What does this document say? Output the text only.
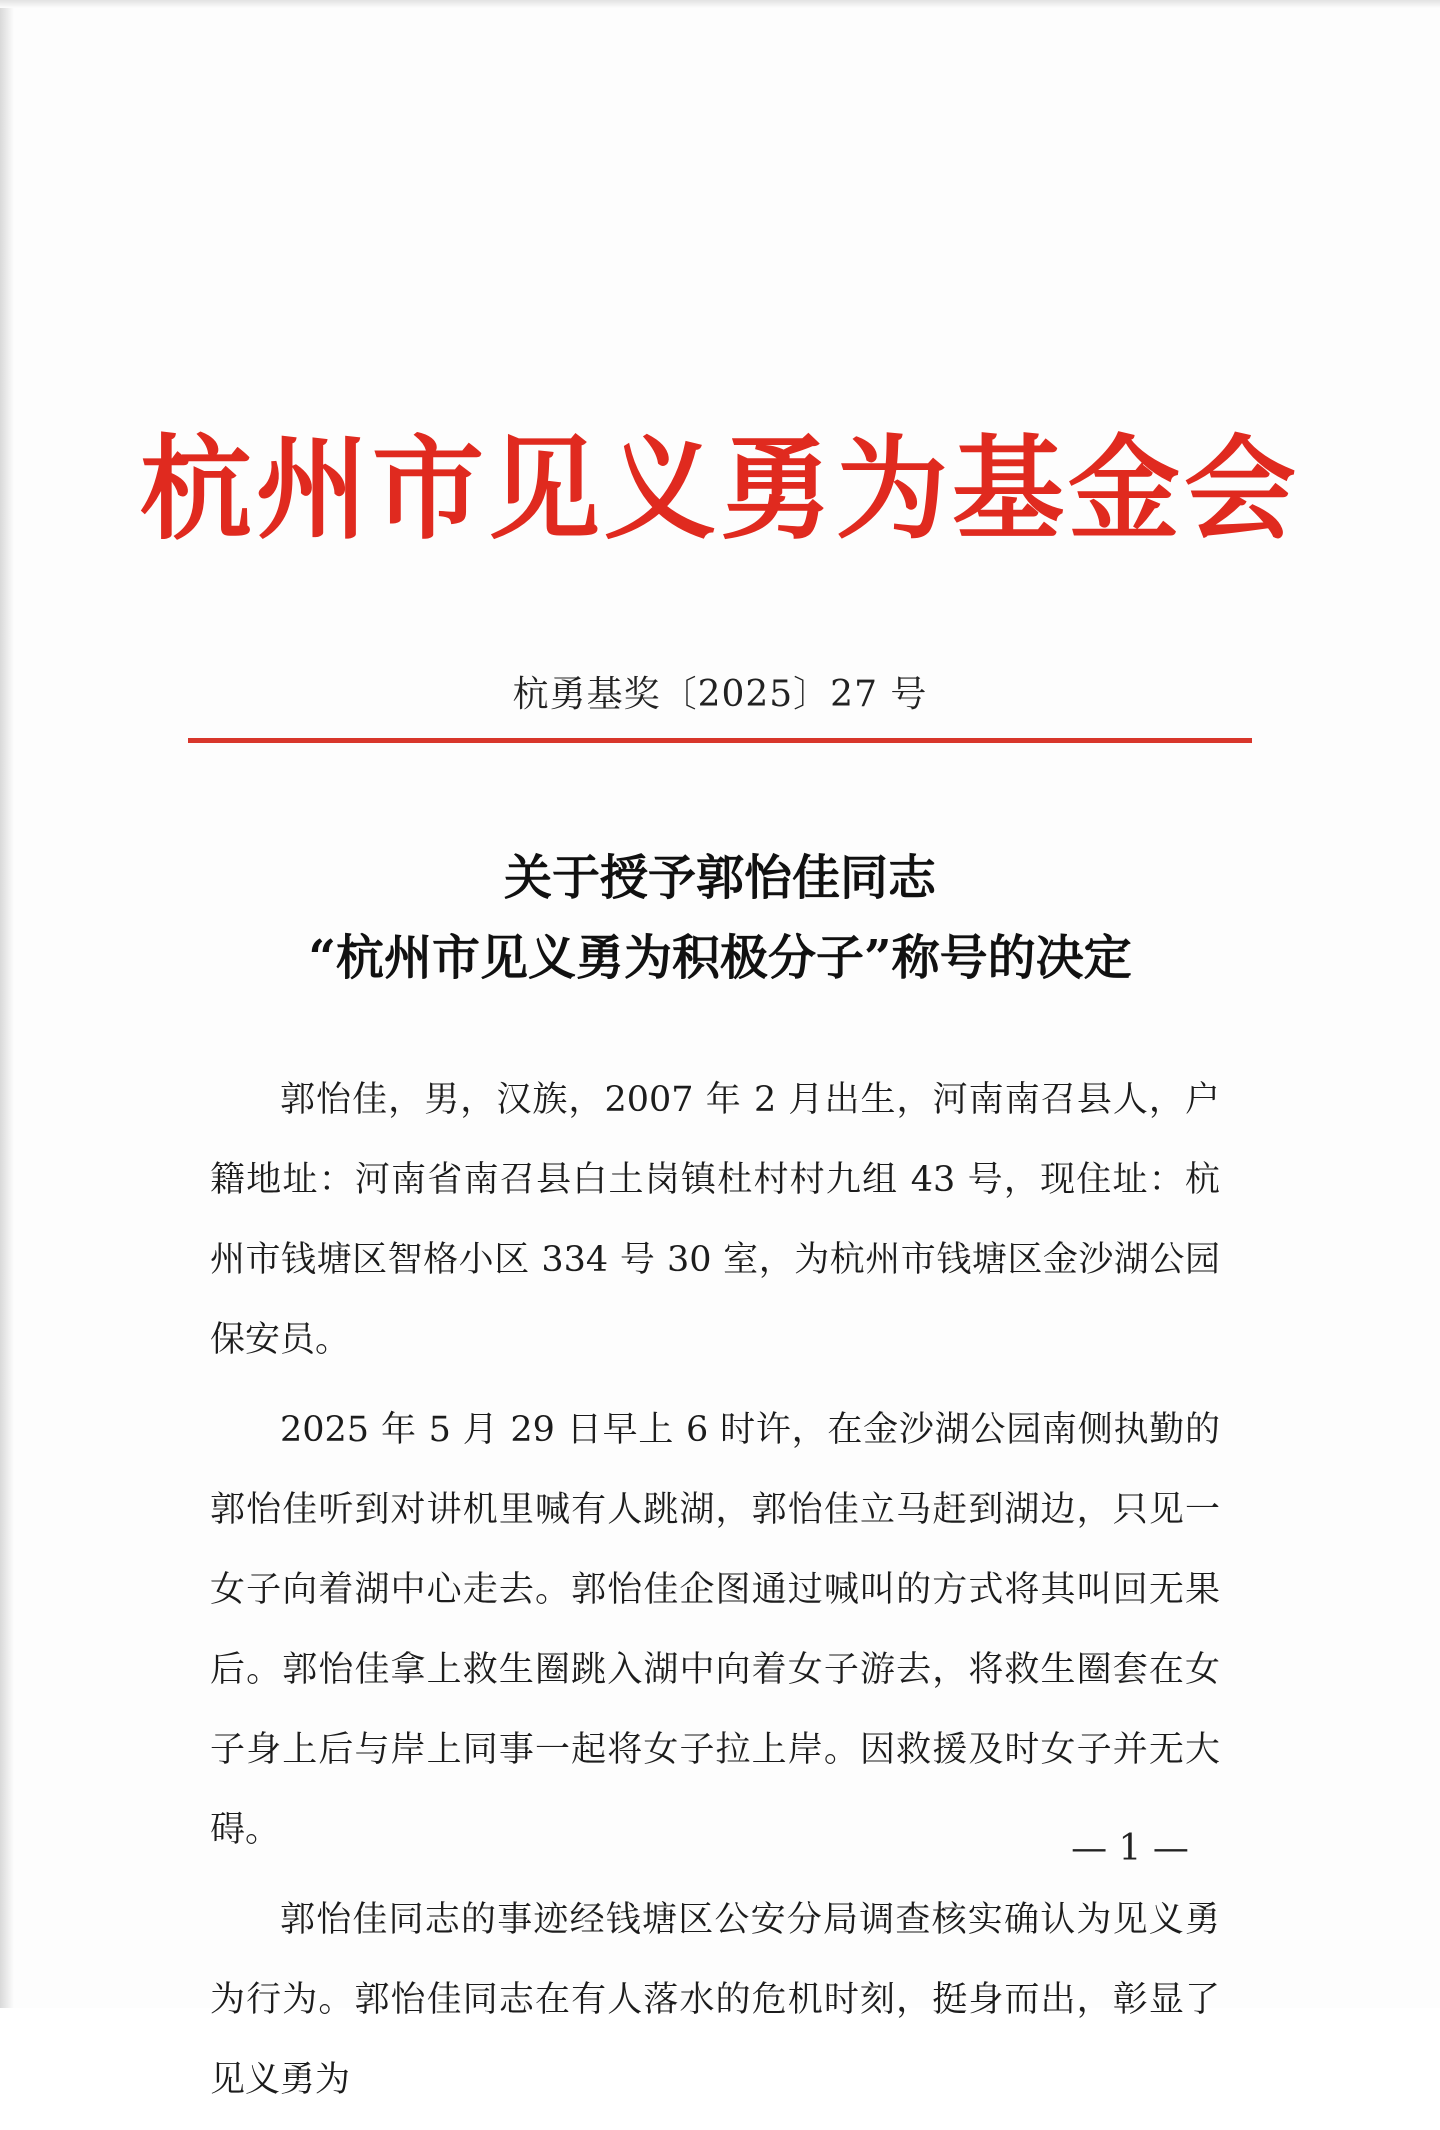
杭州市见义勇为基金会
杭勇基奖〔2025〕27 号
关于授予郭怡佳同志
“杭州市见义勇为积极分子”称号的决定

郭怡佳，男，汉族，2007 年 2 月出生，河南南召县人，户籍地址：河南省南召县白土岗镇杜村村九组 43 号，现住址：杭州市钱塘区智格小区 334 号 30 室，为杭州市钱塘区金沙湖公园保安员。

2025 年 5 月 29 日早上 6 时许，在金沙湖公园南侧执勤的郭怡佳听到对讲机里喊有人跳湖，郭怡佳立马赶到湖边，只见一女子向着湖中心走去。郭怡佳企图通过喊叫的方式将其叫回无果后。郭怡佳拿上救生圈跳入湖中向着女子游去，将救生圈套在女子身上后与岸上同事一起将女子拉上岸。因救援及时女子并无大碍。

郭怡佳同志的事迹经钱塘区公安分局调查核实确认为见义勇为行为。郭怡佳同志在有人落水的危机时刻，挺身而出，彰显了见义勇为

— 1 —
